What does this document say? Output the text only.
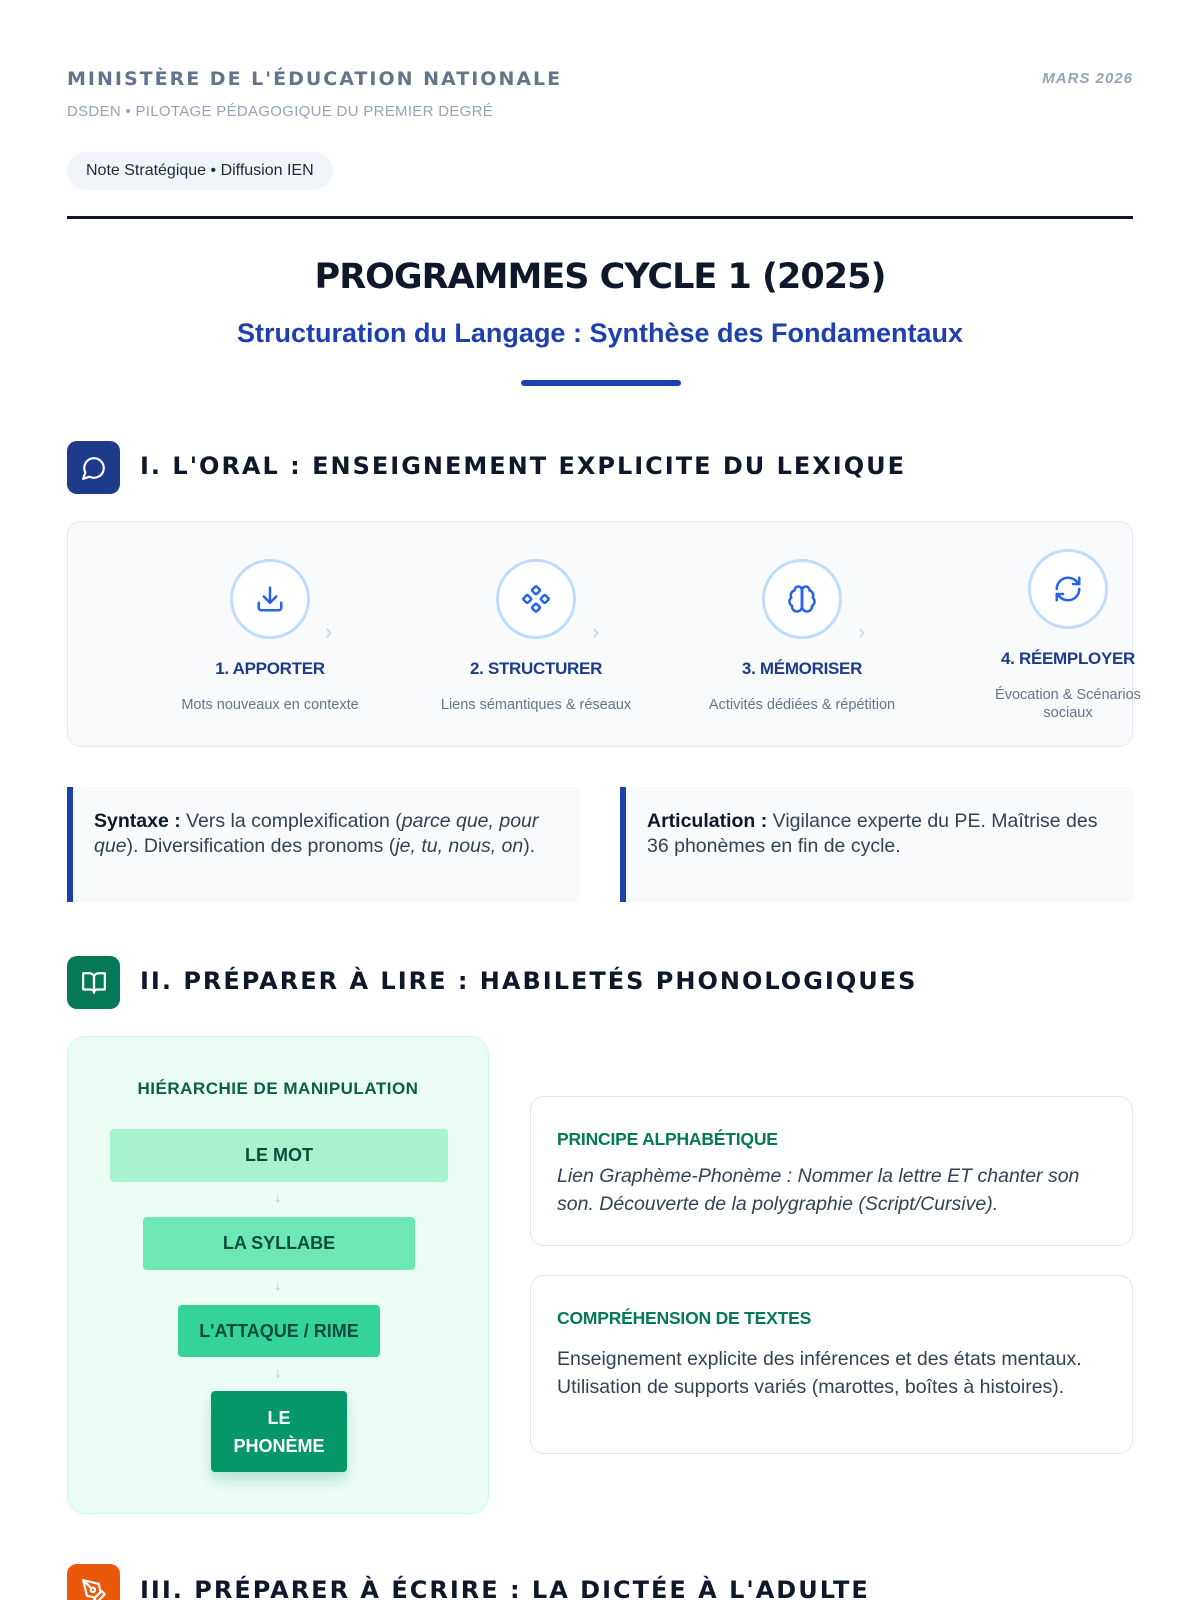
MINISTÈRE DE L'ÉDUCATION NATIONALE
DSDEN • PILOTAGE PÉDAGOGIQUE DU PREMIER DEGRÉ
MARS 2026
Note Stratégique • Diffusion IEN
PROGRAMMES CYCLE 1 (2025)
Structuration du Langage : Synthèse des Fondamentaux
I. L'ORAL : ENSEIGNEMENT EXPLICITE DU LEXIQUE
1. APPORTER
Mots nouveaux en contexte
›
2. STRUCTURER
Liens sémantiques & réseaux
›
3. MÉMORISER
Activités dédiées & répétition
›
4. RÉEMPLOYER
Évocation & Scénarios sociaux
Syntaxe : Vers la complexification (parce que, pour que). Diversification des pronoms (je, tu, nous, on).
Articulation : Vigilance experte du PE. Maîtrise des 36 phonèmes en fin de cycle.
II. PRÉPARER À LIRE : HABILETÉS PHONOLOGIQUES
HIÉRARCHIE DE MANIPULATION
LE MOT
↓
LA SYLLABE
↓
L'ATTAQUE / RIME
↓
LE PHONÈME
PRINCIPE ALPHABÉTIQUE
Lien Graphème-Phonème : Nommer la lettre ET chanter son son. Découverte de la polygraphie (Script/Cursive).
COMPRÉHENSION DE TEXTES
Enseignement explicite des inférences et des états mentaux. Utilisation de supports variés (marottes, boîtes à histoires).
III. PRÉPARER À ÉCRIRE : LA DICTÉE À L'ADULTE
